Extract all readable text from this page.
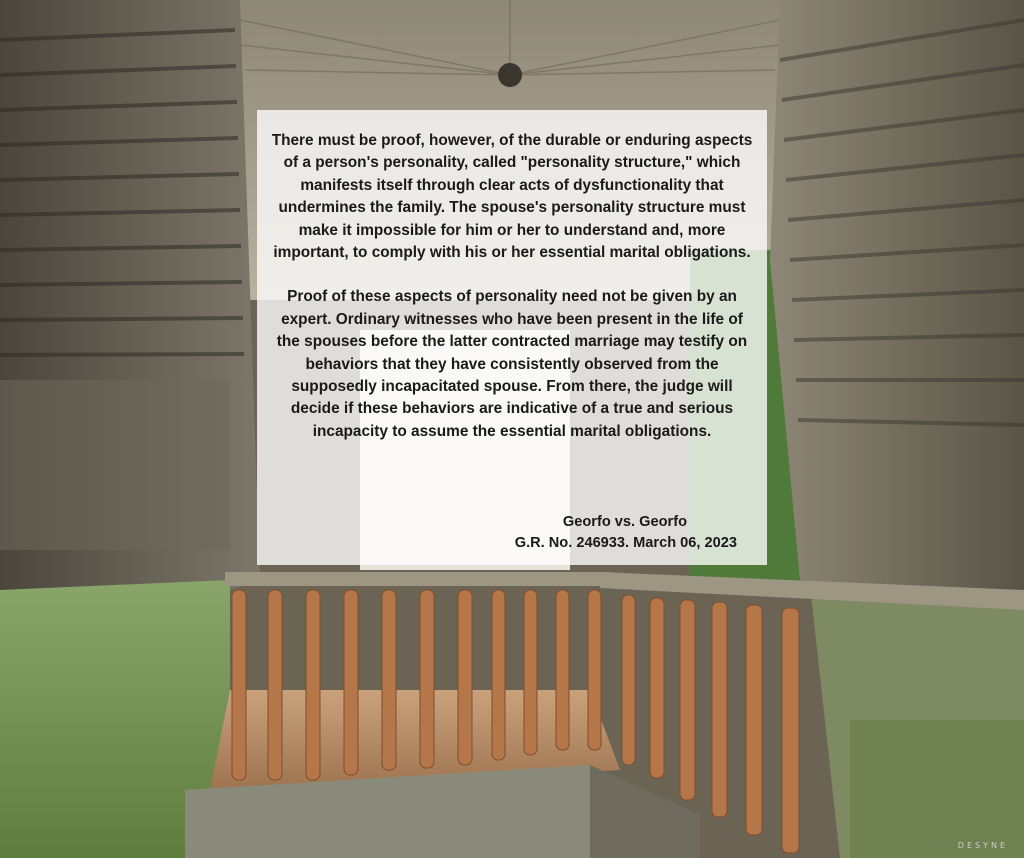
There must be proof, however, of the durable or enduring aspects of a person's personality, called "personality structure," which manifests itself through clear acts of dysfunctionality that undermines the family. The spouse's personality structure must make it impossible for him or her to understand and, more important, to comply with his or her essential marital obligations.

Proof of these aspects of personality need not be given by an expert. Ordinary witnesses who have been present in the life of the spouses before the latter contracted marriage may testify on behaviors that they have consistently observed from the supposedly incapacitated spouse. From there, the judge will decide if these behaviors are indicative of a true and serious incapacity to assume the essential marital obligations.

Georfo vs. Georfo
G.R. No. 246933. March 06, 2023
DESYNE
